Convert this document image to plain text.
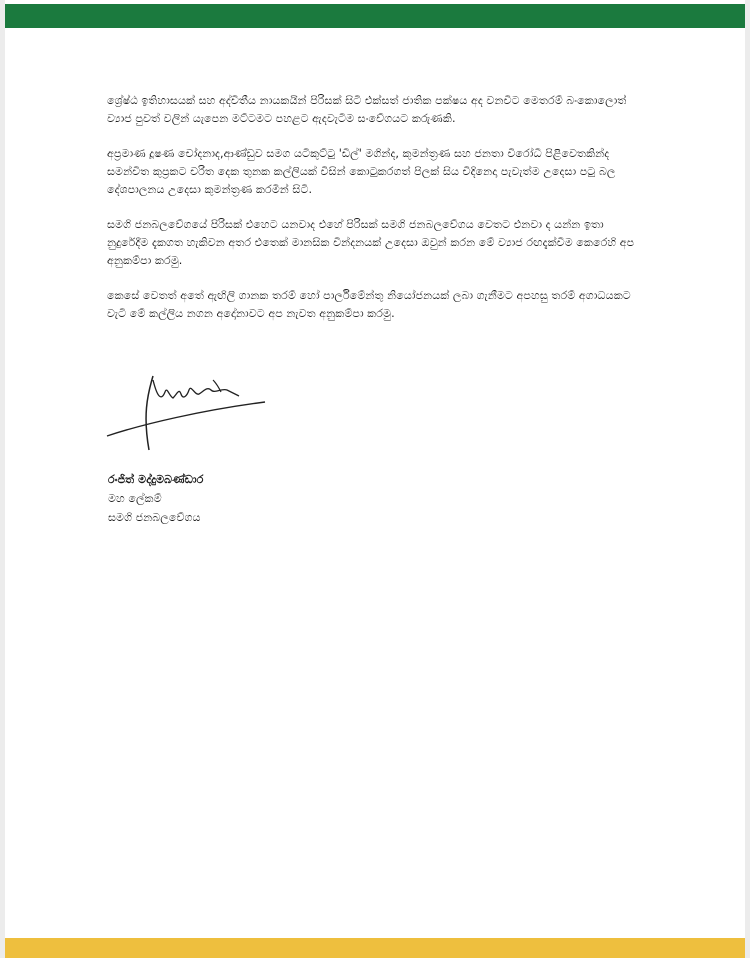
ශ්‍රේෂ්ඨ ඉතිහාසයක් සහ අද්විතීය නායකයින් පිරිසක් සිටි එක්සත් ජාතික පක්ෂය අද වනවිට මෙතරම් බංකොලොත් ව්‍යාජ පුවත් වලින් යැපෙන මට්ටමට පහළට ඇදවැටීම සංවේගයට කරුණකි.

අප්‍රමාණ දූෂණ චෝදනාද,ආණ්ඩුව සමග යටිකුට්ටු 'ඩීල්' මගින්ද, කුමන්ත්‍රණ සහ ජනතා විරෝධී පිළිවෙතකින්ද සමන්විත කුප්‍රකට චරිත දෙක තුනක කල්ලියක් විසින් කොටුකරගත් පිලක් සිය චිදිනෙදා පැවැත්ම උදෙසා පටු බල දේශපාලනය උදෙසා කුමන්ත්‍රණ කරමින් සිටී.

සමගි ජනබලවේගයේ පිරිසක් එහෙට යනවාද එහේ පිරිසක් සමගි ජනබලවේගය වෙතට එනවා ද යන්න ඉතා නුදුරේදීම දැකගත හැකිවන අතර එතෙක් මානසික වින්දනයක් උදෙසා ඔවුන් කරන මේ ව්‍යාජ රඟදැක්වීම කෙරෙහි අප අනුකම්පා කරමු.

කෙසේ වෙතත් අතේ ඇඟිලි ගානක තරම් හෝ පාර්ලිමේන්තු නියෝජනයක් ලබා ගැනීමට අපහසු තරම් අගාධයකට වැටී මේ කල්ලිය නගන අදෝනාවට අප නැවත අනුකම්පා කරමු.

රංජිත් මද්දුමබණ්ඩාර
මහ ලේකම්
සමගි ජනබලවේගය
